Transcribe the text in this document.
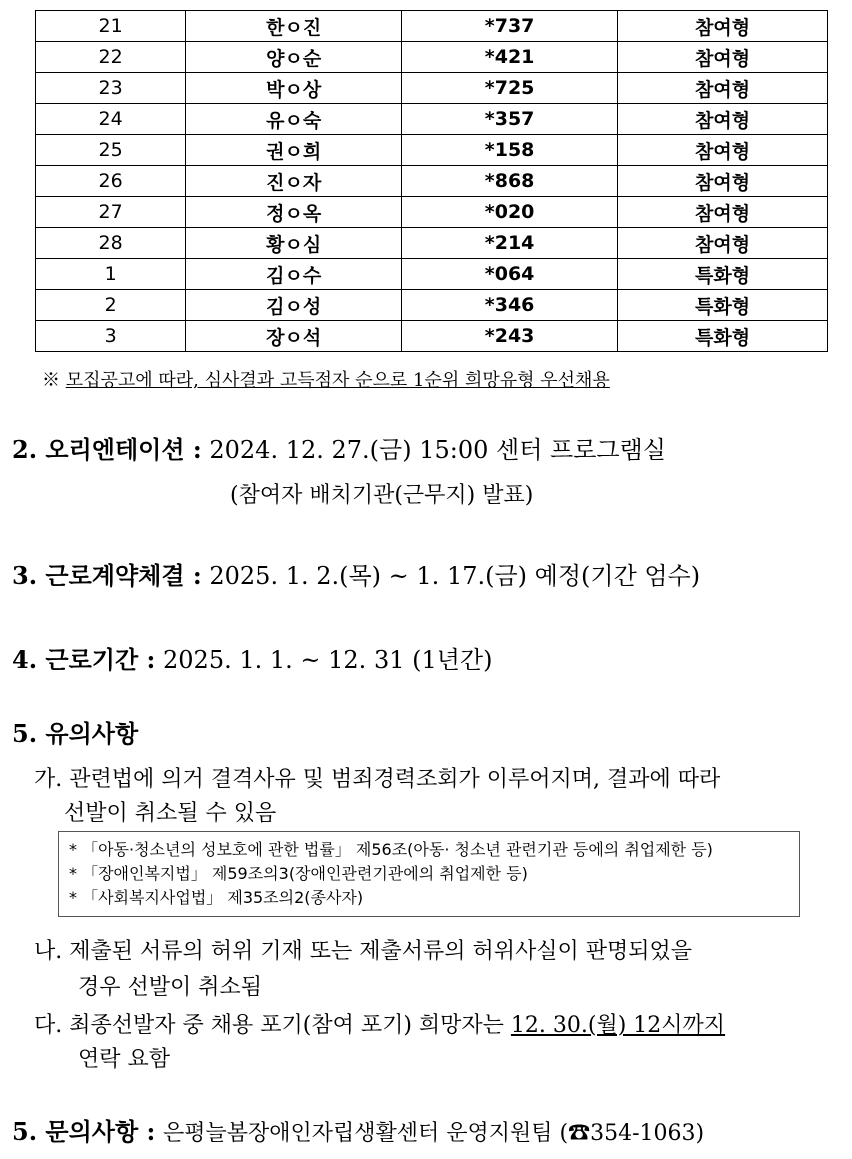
21	한ㅇ진	*737	참여형
22	양ㅇ순	*421	참여형
23	박ㅇ상	*725	참여형
24	유ㅇ숙	*357	참여형
25	권ㅇ희	*158	참여형
26	진ㅇ자	*868	참여형
27	정ㅇ옥	*020	참여형
28	황ㅇ심	*214	참여형
1	김ㅇ수	*064	특화형
2	김ㅇ성	*346	특화형
3	장ㅇ석	*243	특화형
※ 모집공고에 따라, 심사결과 고득점자 순으로 1순위 희망유형 우선채용
2. 오리엔테이션 : 2024. 12. 27.(금) 15:00 센터 프로그램실
(참여자 배치기관(근무지) 발표)
3. 근로계약체결 : 2025. 1. 2.(목) ~ 1. 17.(금) 예정(기간 엄수)
4. 근로기간 : 2025. 1. 1. ~ 12. 31 (1년간)
5. 유의사항
가. 관련법에 의거 결격사유 및 범죄경력조회가 이루어지며, 결과에 따라
선발이 취소될 수 있음
* 「아동·청소년의 성보호에 관한 법률」 제56조(아동· 청소년 관련기관 등에의 취업제한 등)
* 「장애인복지법」 제59조의3(장애인관련기관에의 취업제한 등)
* 「사회복지사업법」 제35조의2(종사자)
나. 제출된 서류의 허위 기재 또는 제출서류의 허위사실이 판명되었을
경우 선발이 취소됨
다. 최종선발자 중 채용 포기(참여 포기) 희망자는 12. 30.(월) 12시까지
연락 요함
5. 문의사항 : 은평늘봄장애인자립생활센터 운영지원팀 (☎354-1063)
